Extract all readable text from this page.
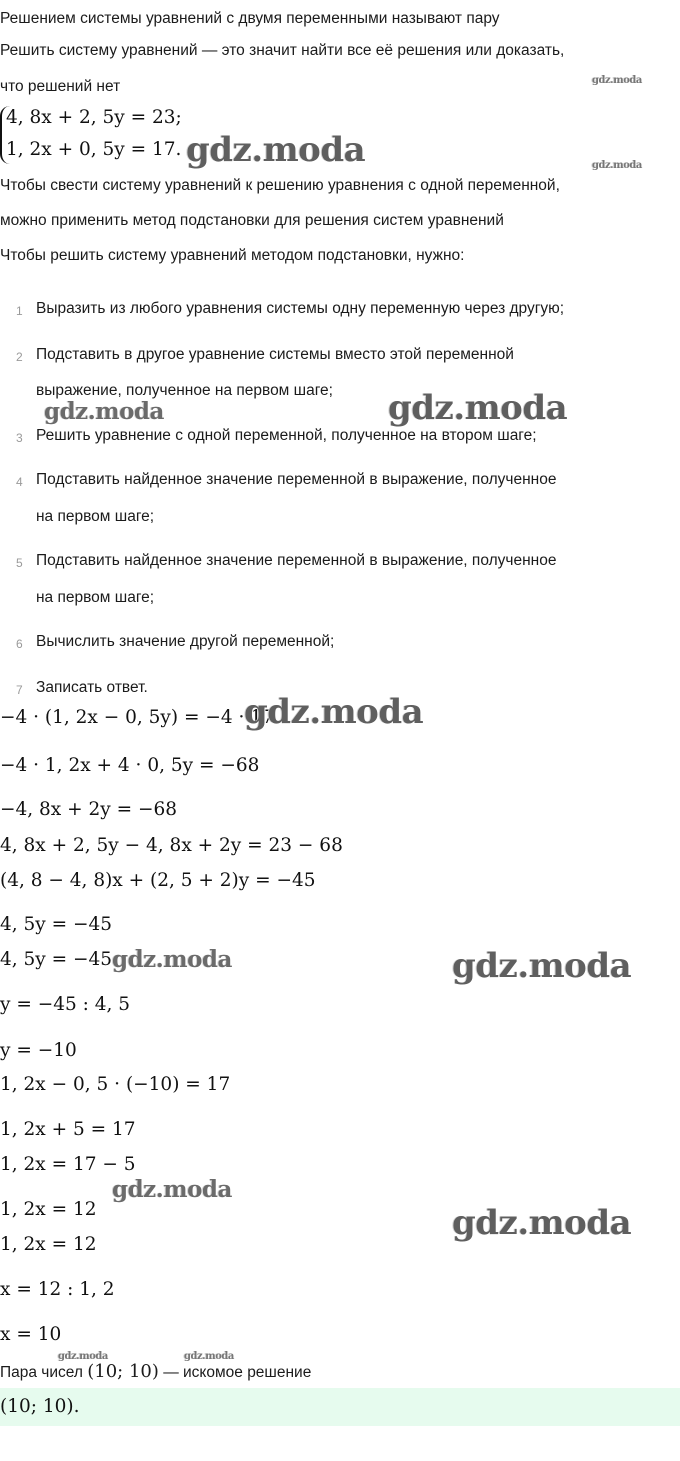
Решением системы уравнений с двумя переменными называют пару
Решить систему уравнений — это значит найти все её решения или доказать,
что решений нет
4, 8x + 2, 5y = 23;
1, 2x + 0, 5y = 17.
Чтобы свести систему уравнений к решению уравнения с одной переменной,
можно применить метод подстановки для решения систем уравнений
Чтобы решить систему уравнений методом подстановки, нужно:
1 Выразить из любого уравнения системы одну переменную через другую;
2 Подставить в другое уравнение системы вместо этой переменной
выражение, полученное на первом шаге;
3 Решить уравнение с одной переменной, полученное на втором шаге;
4 Подставить найденное значение переменной в выражение, полученное
на первом шаге;
5 Подставить найденное значение переменной в выражение, полученное
на первом шаге;
6 Вычислить значение другой переменной;
7 Записать ответ.
−4 · (1, 2x − 0, 5y) = −4 · 17
−4 · 1, 2x + 4 · 0, 5y = −68
−4, 8x + 2y = −68
4, 8x + 2, 5y − 4, 8x + 2y = 23 − 68
(4, 8 − 4, 8)x + (2, 5 + 2)y = −45
4, 5y = −45
4, 5y = −45
y = −45 : 4, 5
y = −10
1, 2x − 0, 5 · (−10) = 17
1, 2x + 5 = 17
1, 2x = 17 − 5
1, 2x = 12
1, 2x = 12
x = 12 : 1, 2
x = 10
Пара чисел (10; 10) — искомое решение
(10; 10).
gdz.moda
gdz.moda	gdz.moda
gdz.moda	gdz.moda
gdz.moda
gdz.moda	gdz.moda
gdz.moda
gdz.moda
gdz.moda	gdz.moda
